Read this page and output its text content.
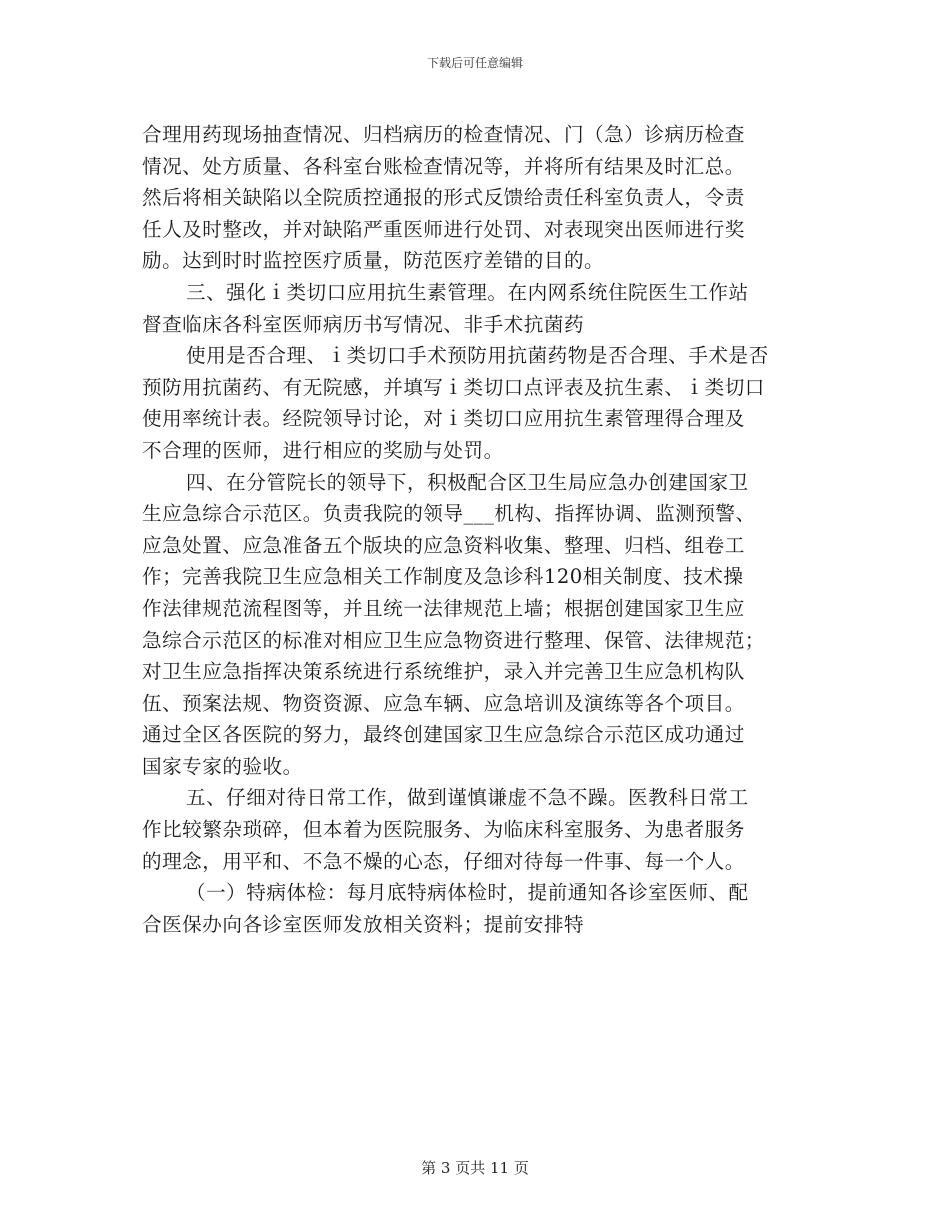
下载后可任意编辑
合理用药现场抽查情况、归档病历的检查情况、门（急）诊病历检查
情况、处方质量、各科室台账检查情况等，并将所有结果及时汇总。
然后将相关缺陷以全院质控通报的形式反馈给责任科室负责人，令责
任人及时整改，并对缺陷严重医师进行处罚、对表现突出医师进行奖
励。达到时时监控医疗质量，防范医疗差错的目的。
三、强化ｉ类切口应用抗生素管理。在内网系统住院医生工作站
督查临床各科室医师病历书写情况、非手术抗菌药
使用是否合理、ｉ类切口手术预防用抗菌药物是否合理、手术是否
预防用抗菌药、有无院感，并填写ｉ类切口点评表及抗生素、ｉ类切口
使用率统计表。经院领导讨论，对ｉ类切口应用抗生素管理得合理及
不合理的医师，进行相应的奖励与处罚。
四、在分管院长的领导下，积极配合区卫生局应急办创建国家卫
生应急综合示范区。负责我院的领导___机构、指挥协调、监测预警、
应急处置、应急准备五个版块的应急资料收集、整理、归档、组卷工
作；完善我院卫生应急相关工作制度及急诊科120相关制度、技术操
作法律规范流程图等，并且统一法律规范上墙；根据创建国家卫生应
急综合示范区的标准对相应卫生应急物资进行整理、保管、法律规范；
对卫生应急指挥决策系统进行系统维护，录入并完善卫生应急机构队
伍、预案法规、物资资源、应急车辆、应急培训及演练等各个项目。
通过全区各医院的努力，最终创建国家卫生应急综合示范区成功通过
国家专家的验收。
五、仔细对待日常工作，做到谨慎谦虚不急不躁。医教科日常工
作比较繁杂琐碎，但本着为医院服务、为临床科室服务、为患者服务
的理念，用平和、不急不燥的心态，仔细对待每一件事、每一个人。
（一）特病体检：每月底特病体检时，提前通知各诊室医师、配
合医保办向各诊室医师发放相关资料；提前安排特
第 3 页共 11 页
